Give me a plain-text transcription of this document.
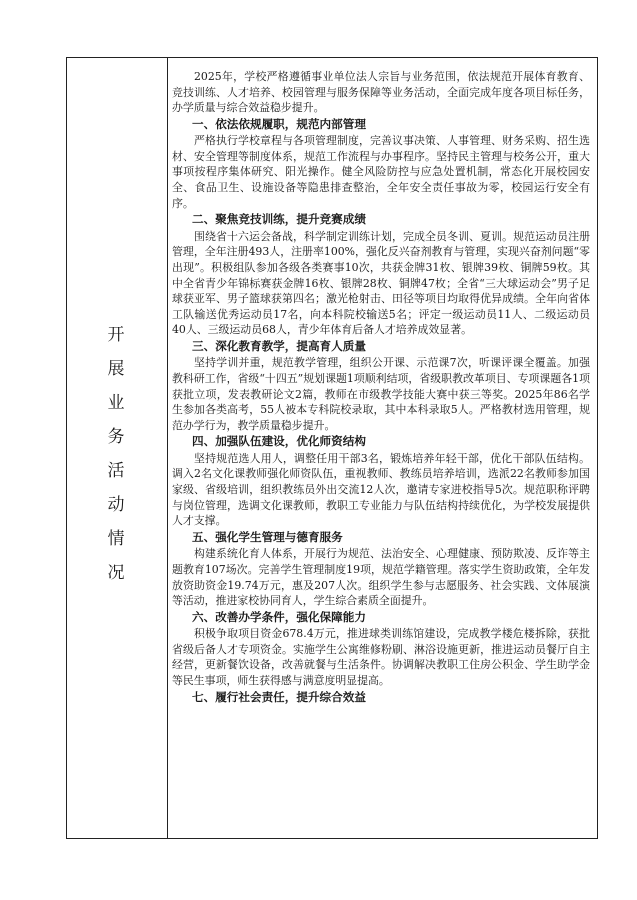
开
展
业
务
活
动
情
况

2025年，学校严格遵循事业单位法人宗旨与业务范围，依法规范开展体育教育、竞技训练、人才培养、校园管理与服务保障等业务活动，全面完成年度各项目标任务，办学质量与综合效益稳步提升。

一、依法依规履职，规范内部管理

严格执行学校章程与各项管理制度，完善议事决策、人事管理、财务采购、招生选材、安全管理等制度体系，规范工作流程与办事程序。坚持民主管理与校务公开，重大事项按程序集体研究、阳光操作。健全风险防控与应急处置机制，常态化开展校园安全、食品卫生、设施设备等隐患排查整治，全年安全责任事故为零，校园运行安全有序。

二、聚焦竞技训练，提升竞赛成绩

围绕省十六运会备战，科学制定训练计划，完成全员冬训、夏训。规范运动员注册管理，全年注册493人，注册率100%，强化反兴奋剂教育与管理，实现兴奋剂问题“零出现”。积极组队参加各级各类赛事10次，共获金牌31枚、银牌39枚、铜牌59枚。其中全省青少年锦标赛获金牌16枚、银牌28枚、铜牌47枚；全省“三大球运动会”男子足球获亚军、男子篮球获第四名；激光枪射击、田径等项目均取得优异成绩。全年向省体工队输送优秀运动员17名，向本科院校输送5名；评定一级运动员11人、二级运动员40人、三级运动员68人，青少年体育后备人才培养成效显著。

三、深化教育教学，提高育人质量

坚持学训并重，规范教学管理，组织公开课、示范课7次，听课评课全覆盖。加强教科研工作，省级“十四五”规划课题1项顺利结项，省级职教改革项目、专项课题各1项获批立项，发表教研论文2篇，教师在市级教学技能大赛中获三等奖。2025年86名学生参加各类高考，55人被本专科院校录取，其中本科录取5人。严格教材选用管理，规范办学行为，教学质量稳步提升。

四、加强队伍建设，优化师资结构

坚持规范选人用人，调整任用干部3名，锻炼培养年轻干部，优化干部队伍结构。调入2名文化课教师强化师资队伍，重视教师、教练员培养培训，选派22名教师参加国家级、省级培训，组织教练员外出交流12人次，邀请专家进校指导5次。规范职称评聘与岗位管理，选调文化课教师，教职工专业能力与队伍结构持续优化，为学校发展提供人才支撑。

五、强化学生管理与德育服务

构建系统化育人体系，开展行为规范、法治安全、心理健康、预防欺凌、反诈等主题教育107场次。完善学生管理制度19项，规范学籍管理。落实学生资助政策，全年发放资助资金19.74万元，惠及207人次。组织学生参与志愿服务、社会实践、文体展演等活动，推进家校协同育人，学生综合素质全面提升。

六、改善办学条件，强化保障能力

积极争取项目资金678.4万元，推进球类训练馆建设，完成教学楼危楼拆除，获批省级后备人才专项资金。实施学生公寓维修粉刷、淋浴设施更新，推进运动员餐厅自主经营，更新餐饮设备，改善就餐与生活条件。协调解决教职工住房公积金、学生助学金等民生事项，师生获得感与满意度明显提高。

七、履行社会责任，提升综合效益
